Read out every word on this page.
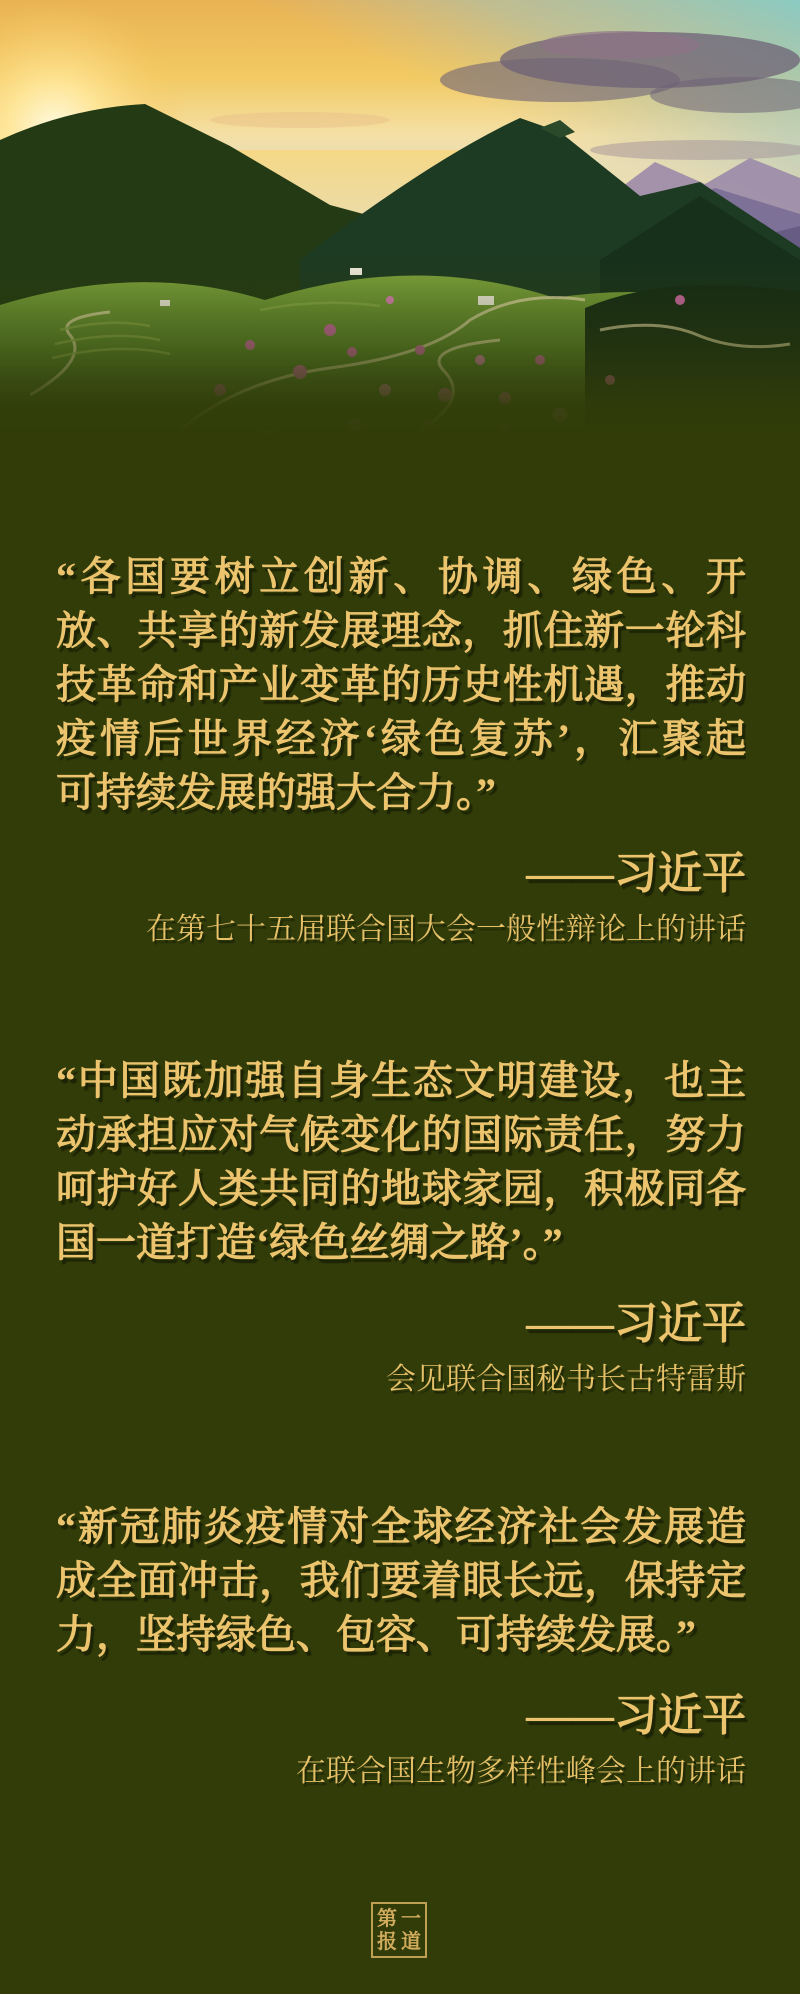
“各国要树立创新、协调、绿色、开
放、共享的新发展理念，抓住新一轮科
技革命和产业变革的历史性机遇，推动
疫情后世界经济‘绿色复苏’，汇聚起
可持续发展的强大合力。”
——习近平
在第七十五届联合国大会一般性辩论上的讲话
“中国既加强自身生态文明建设，也主
动承担应对气候变化的国际责任，努力
呵护好人类共同的地球家园，积极同各
国一道打造‘绿色丝绸之路’。”
——习近平
会见联合国秘书长古特雷斯
“新冠肺炎疫情对全球经济社会发展造
成全面冲击，我们要着眼长远，保持定
力，坚持绿色、包容、可持续发展。”
——习近平
在联合国生物多样性峰会上的讲话
第 一
报 道
